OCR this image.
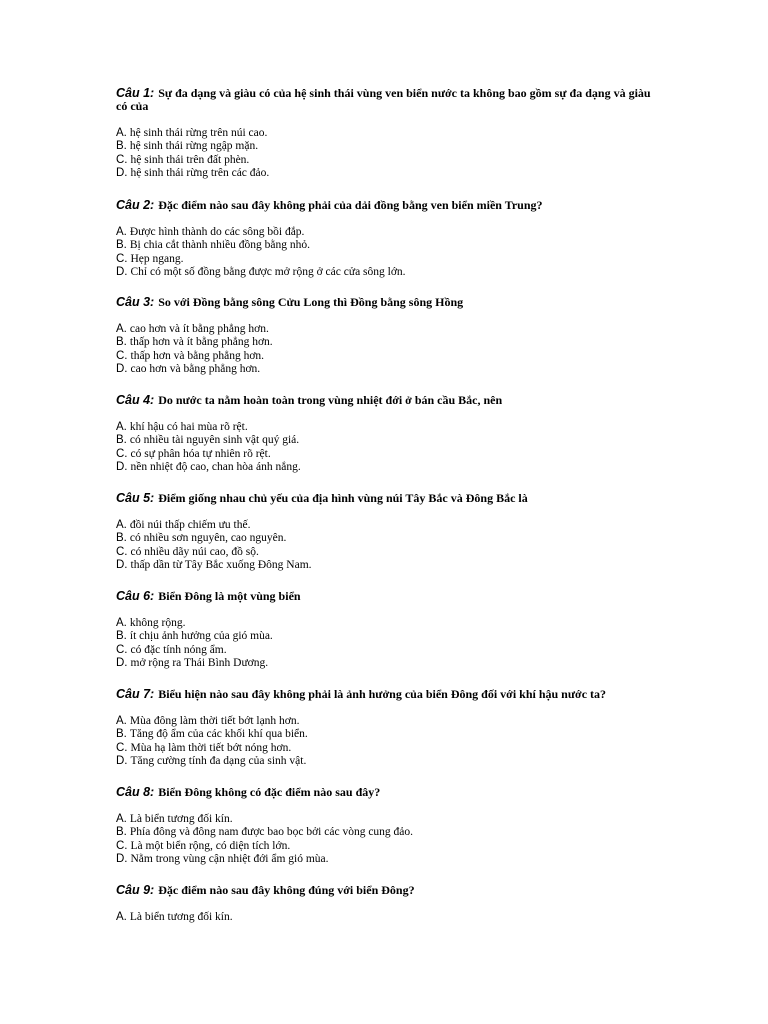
Câu 1: Sự đa dạng và giàu có của hệ sinh thái vùng ven biển nước ta không bao gồm sự đa dạng và giàu có của

A. hệ sinh thái rừng trên núi cao.
B. hệ sinh thái rừng ngập mặn.
C. hệ sinh thái trên đất phèn.
D. hệ sinh thái rừng trên các đảo.

Câu 2: Đặc điểm nào sau đây không phải của dải đồng bằng ven biển miền Trung?

A. Được hình thành do các sông bồi đắp.
B. Bị chia cắt thành nhiều đồng bằng nhỏ.
C. Hẹp ngang.
D. Chỉ có một số đồng bằng được mở rộng ở các cửa sông lớn.

Câu 3: So với Đồng bằng sông Cửu Long thì Đồng bằng sông Hồng

A. cao hơn và ít bằng phẳng hơn.
B. thấp hơn và ít bằng phẳng hơn.
C. thấp hơn và bằng phẳng hơn.
D. cao hơn và bằng phẳng hơn.

Câu 4: Do nước ta nằm hoàn toàn trong vùng nhiệt đới ở bán cầu Bắc, nên

A. khí hậu có hai mùa rõ rệt.
B. có nhiều tài nguyên sinh vật quý giá.
C. có sự phân hóa tự nhiên rõ rệt.
D. nền nhiệt độ cao, chan hòa ánh nắng.

Câu 5: Điểm giống nhau chủ yếu của địa hình vùng núi Tây Bắc và Đông Bắc là

A. đồi núi thấp chiếm ưu thế.
B. có nhiều sơn nguyên, cao nguyên.
C. có nhiều dãy núi cao, đồ sộ.
D. thấp dần từ Tây Bắc xuống Đông Nam.

Câu 6: Biển Đông là một vùng biển

A. không rộng.
B. ít chịu ảnh hưởng của gió mùa.
C. có đặc tính nóng ẩm.
D. mở rộng ra Thái Bình Dương.

Câu 7: Biểu hiện nào sau đây không phải là ảnh hưởng của biển Đông đối với khí hậu nước ta?

A. Mùa đông làm thời tiết bớt lạnh hơn.
B. Tăng độ ẩm của các khối khí qua biển.
C. Mùa hạ làm thời tiết bớt nóng hơn.
D. Tăng cường tính đa dạng của sinh vật.

Câu 8: Biển Đông không có đặc điểm nào sau đây?

A. Là biển tương đối kín.
B. Phía đông và đông nam được bao bọc bởi các vòng cung đảo.
C. Là một biển rộng, có diện tích lớn.
D. Nằm trong vùng cận nhiệt đới ẩm gió mùa.

Câu 9: Đặc điểm nào sau đây không đúng với biển Đông?

A. Là biển tương đối kín.
